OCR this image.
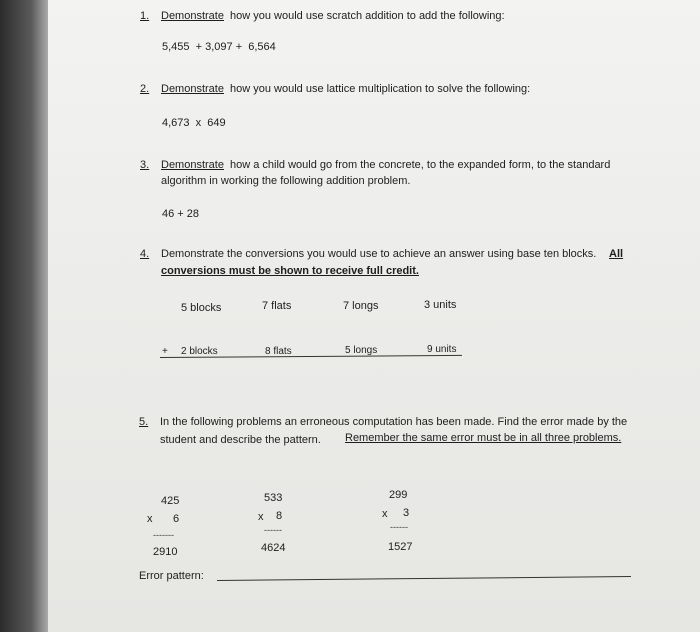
1. Demonstrate how you would use scratch addition to add the following:
5,455  + 3,097 +  6,564
2. Demonstrate how you would use lattice multiplication to solve the following:
4,673  x  649
3. Demonstrate how a child would go from the concrete, to the expanded form, to the standard
algorithm in working the following addition problem.
46 + 28
4. Demonstrate the conversions you would use to achieve an answer using base ten blocks. All
conversions must be shown to receive full credit.
5 blocks	7 flats	7 longs	3 units
+ 2 blocks	8 flats	5 longs	9 units
5. In the following problems an erroneous computation has been made. Find the error made by the
student and describe the pattern. Remember the same error must be in all three problems.
425
x 6
-------
2910
533
x 8
------
4624
299
x 3
------
1527
Error pattern:
